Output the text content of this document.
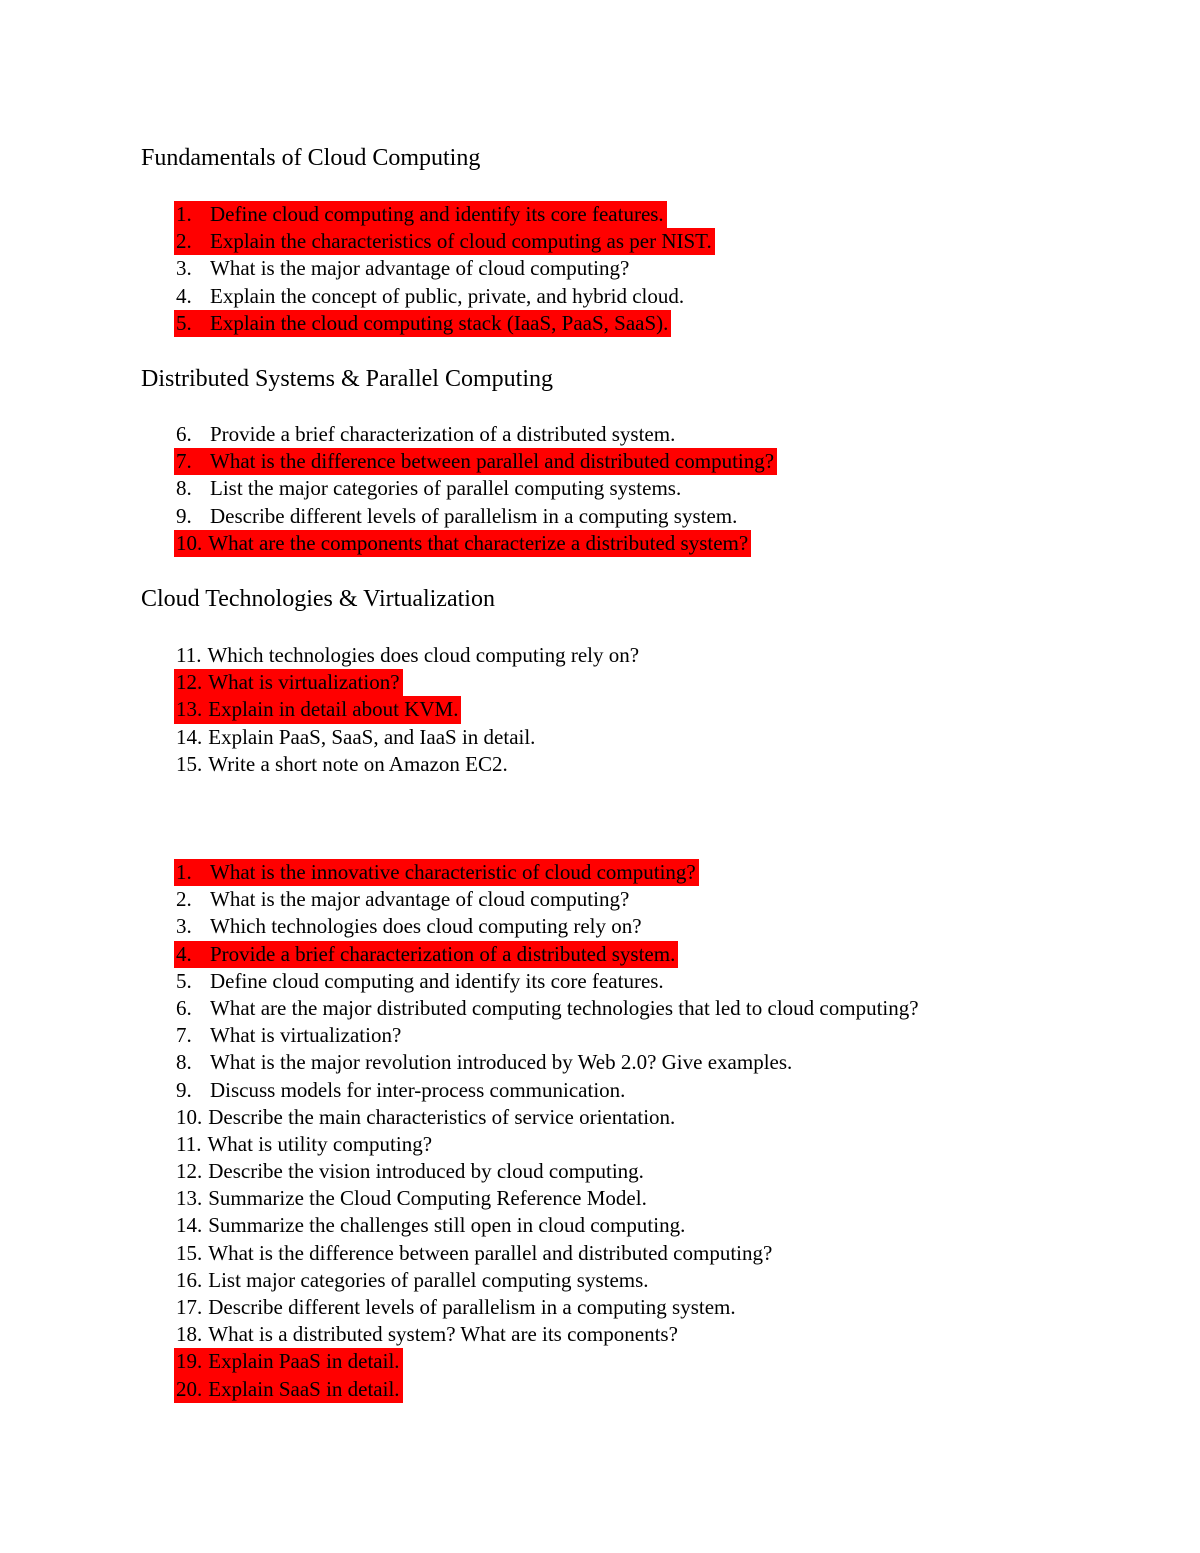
Fundamentals of Cloud Computing
1. Define cloud computing and identify its core features.
2. Explain the characteristics of cloud computing as per NIST.
3. What is the major advantage of cloud computing?
4. Explain the concept of public, private, and hybrid cloud.
5. Explain the cloud computing stack (IaaS, PaaS, SaaS).
Distributed Systems & Parallel Computing
6. Provide a brief characterization of a distributed system.
7. What is the difference between parallel and distributed computing?
8. List the major categories of parallel computing systems.
9. Describe different levels of parallelism in a computing system.
10. What are the components that characterize a distributed system?
Cloud Technologies & Virtualization
11. Which technologies does cloud computing rely on?
12. What is virtualization?
13. Explain in detail about KVM.
14. Explain PaaS, SaaS, and IaaS in detail.
15. Write a short note on Amazon EC2.
1. What is the innovative characteristic of cloud computing?
2. What is the major advantage of cloud computing?
3. Which technologies does cloud computing rely on?
4. Provide a brief characterization of a distributed system.
5. Define cloud computing and identify its core features.
6. What are the major distributed computing technologies that led to cloud computing?
7. What is virtualization?
8. What is the major revolution introduced by Web 2.0? Give examples.
9. Discuss models for inter-process communication.
10. Describe the main characteristics of service orientation.
11. What is utility computing?
12. Describe the vision introduced by cloud computing.
13. Summarize the Cloud Computing Reference Model.
14. Summarize the challenges still open in cloud computing.
15. What is the difference between parallel and distributed computing?
16. List major categories of parallel computing systems.
17. Describe different levels of parallelism in a computing system.
18. What is a distributed system? What are its components?
19. Explain PaaS in detail.
20. Explain SaaS in detail.
